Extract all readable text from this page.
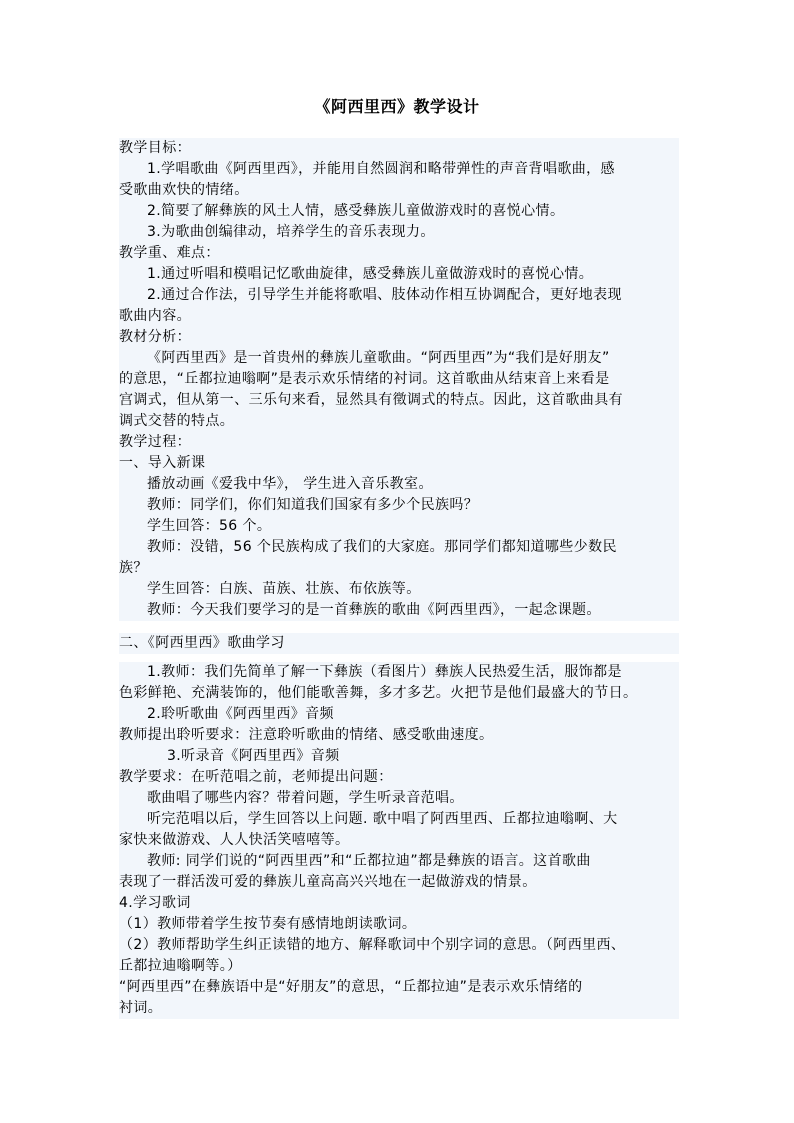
《阿西里西》教学设计
教学目标：
1.学唱歌曲《阿西里西》，并能用自然圆润和略带弹性的声音背唱歌曲，感
受歌曲欢快的情绪。
2.简要了解彝族的风土人情，感受彝族儿童做游戏时的喜悦心情。
3.为歌曲创编律动，培养学生的音乐表现力。
教学重、难点：
1.通过听唱和模唱记忆歌曲旋律，感受彝族儿童做游戏时的喜悦心情。
2.通过合作法，引导学生并能将歌唱、肢体动作相互协调配合，更好地表现
歌曲内容。
教材分析：
《阿西里西》是一首贵州的彝族儿童歌曲。“阿西里西”为“我们是好朋友”
的意思，“丘都拉迪嗡啊”是表示欢乐情绪的衬词。这首歌曲从结束音上来看是
宫调式，但从第一、三乐句来看，显然具有徵调式的特点。因此，这首歌曲具有
调式交替的特点。
教学过程：
一、导入新课
播放动画《爱我中华》， 学生进入音乐教室。
教师：同学们，你们知道我们国家有多少个民族吗？
学生回答：56 个。
教师：没错，56 个民族构成了我们的大家庭。那同学们都知道哪些少数民
族？
学生回答：白族、苗族、壮族、布依族等。
教师：今天我们要学习的是一首彝族的歌曲《阿西里西》，一起念课题。
二、《阿西里西》歌曲学习
1.教师：我们先简单了解一下彝族（看图片）彝族人民热爱生活，服饰都是
色彩鲜艳、充满装饰的，他们能歌善舞，多才多艺。火把节是他们最盛大的节日。
2.聆听歌曲《阿西里西》音频
教师提出聆听要求：注意聆听歌曲的情绪、感受歌曲速度。
3.听录音《阿西里西》音频
教学要求：在听范唱之前，老师提出问题：
歌曲唱了哪些内容？带着问题，学生听录音范唱。
听完范唱以后，学生回答以上问题. 歌中唱了阿西里西、丘都拉迪嗡啊、大
家快来做游戏、人人快活笑嘻嘻等。
教师: 同学们说的“阿西里西”和“丘都拉迪”都是彝族的语言。这首歌曲
表现了一群活泼可爱的彝族儿童高高兴兴地在一起做游戏的情景。
4.学习歌词
（1）教师带着学生按节奏有感情地朗读歌词。
（2）教师帮助学生纠正读错的地方、解释歌词中个别字词的意思。（阿西里西、
丘都拉迪嗡啊等。）
“阿西里西”在彝族语中是“好朋友”的意思，“丘都拉迪”是表示欢乐情绪的
衬词。
